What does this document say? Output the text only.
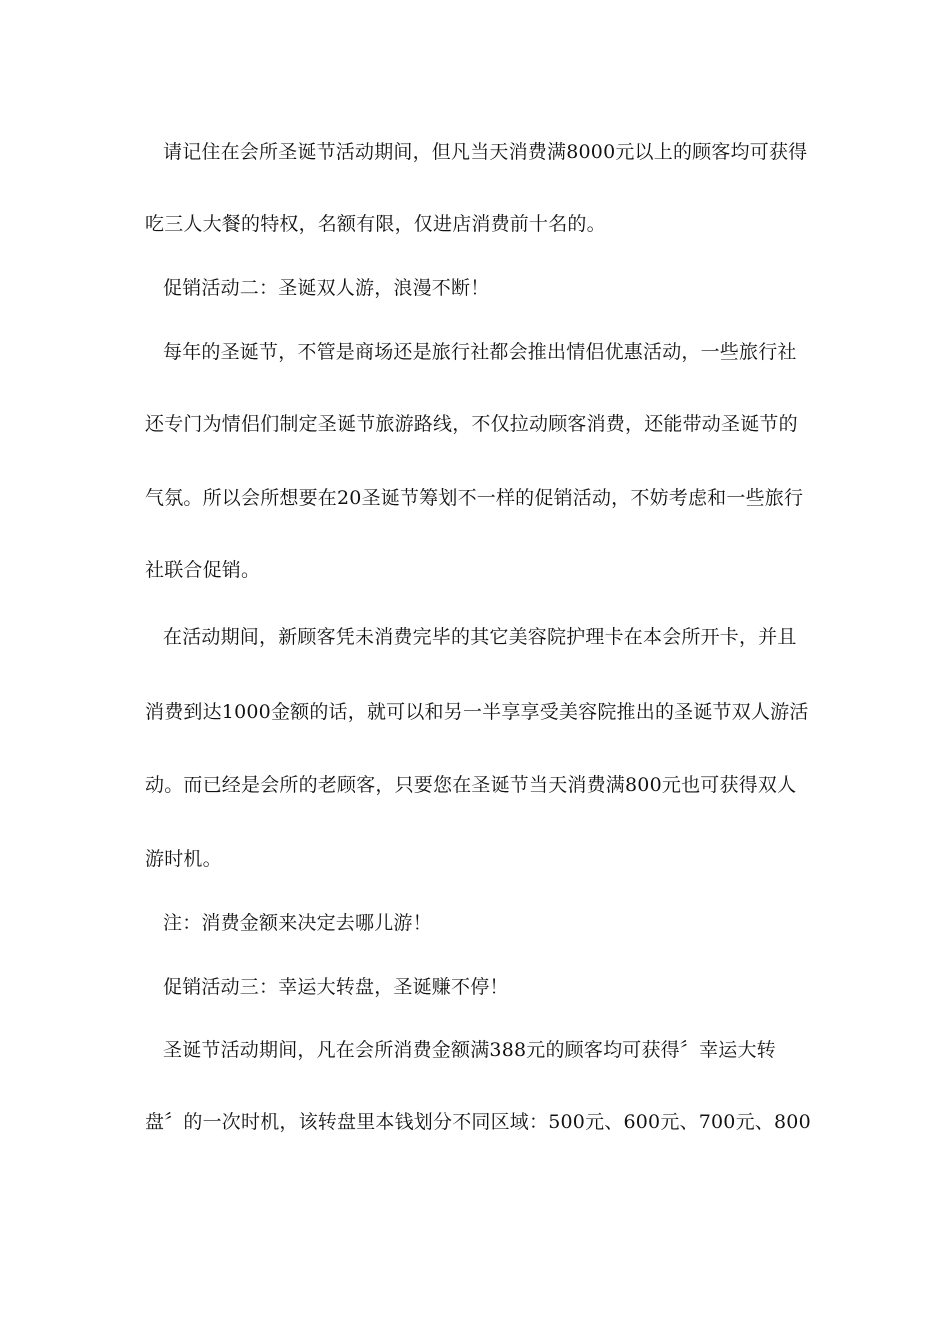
请记住在会所圣诞节活动期间，但凡当天消费满8000元以上的顾客均可获得
吃三人大餐的特权，名额有限，仅进店消费前十名的。
促销活动二：圣诞双人游，浪漫不断！
每年的圣诞节，不管是商场还是旅行社都会推出情侣优惠活动，一些旅行社
还专门为情侣们制定圣诞节旅游路线，不仅拉动顾客消费，还能带动圣诞节的
气氛。所以会所想要在20圣诞节筹划不一样的促销活动，不妨考虑和一些旅行
社联合促销。
在活动期间，新顾客凭未消费完毕的其它美容院护理卡在本会所开卡，并且
消费到达1000金额的话，就可以和另一半享享受美容院推出的圣诞节双人游活
动。而已经是会所的老顾客，只要您在圣诞节当天消费满800元也可获得双人
游时机。
注：消费金额来决定去哪儿游！
促销活动三：幸运大转盘，圣诞赚不停！
圣诞节活动期间，凡在会所消费金额满388元的顾客均可获得〞幸运大转
盘〞的一次时机，该转盘里本钱划分不同区域：500元、600元、700元、800
